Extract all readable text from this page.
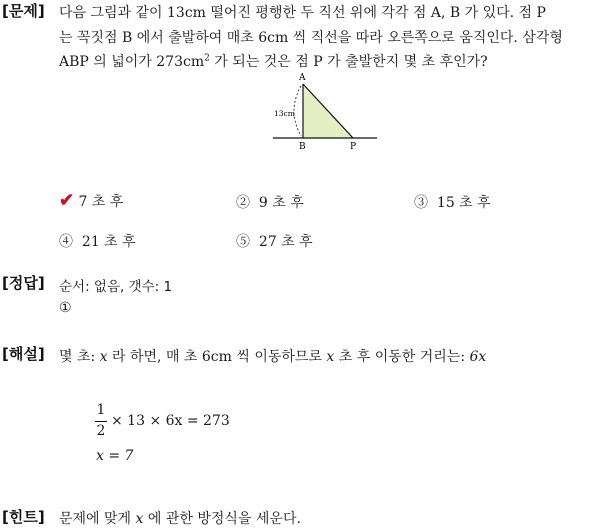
[문제] 다음 그림과 같이 13cm 떨어진 평행한 두 직선 위에 각각 점 A, B 가 있다. 점 P
는 꼭짓점 B 에서 출발하여 매초 6cm 씩 직선을 따라 오른쪽으로 움직인다. 삼각형
ABP 의 넓이가 $273cm^2$ 가 되는 것은 점 P 가 출발한지 몇 초 후인가?
A
B	P
13cm
✔ 7 초 후	② 9 초 후	③ 15 초 후
④ 21 초 후	⑤ 27 초 후
[정답] 순서: 없음, 갯수: 1
①
[해설] 몇 초: x 라 하면, 매 초 6cm 씩 이동하므로 x 초 후 이동한 거리는: 6x
1
2
× 13 × 6x = 273
x = 7
[힌트] 문제에 맞게 x 에 관한 방정식을 세운다.
